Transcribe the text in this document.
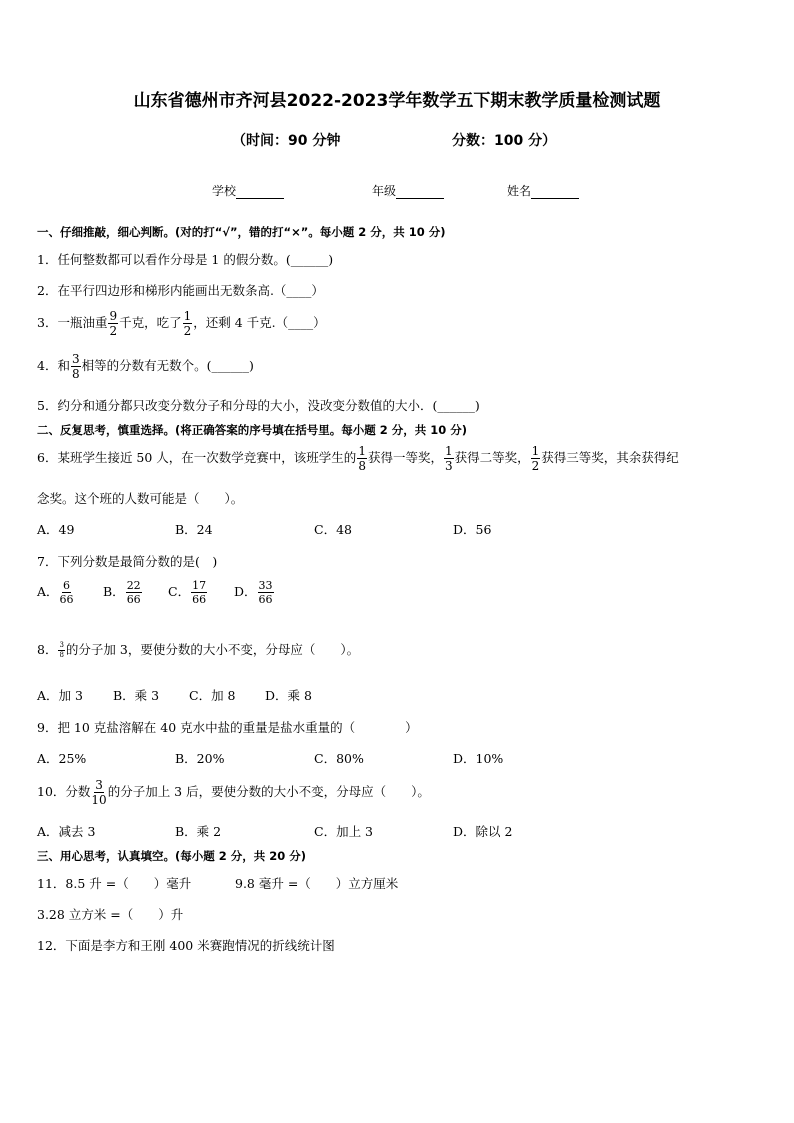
山东省德州市齐河县2022-2023学年数学五下期末教学质量检测试题
（时间：90 分钟	分数：100 分）
学校	年级	姓名
一、仔细推敲，细心判断。(对的打“√”，错的打“×”。每小题 2 分，共 10 分)
1．任何整数都可以看作分母是 1 的假分数。(______)
2．在平行四边形和梯形内能画出无数条高.（____）
3．一瓶油重 $\frac{9}{2}$ 千克，吃了 $\frac{1}{2}$ ，还剩 4 千克.（____）
4．和 $\frac{3}{8}$ 相等的分数有无数个。(______)
5．约分和通分都只改变分数分子和分母的大小，没改变分数值的大小．(______)
二、反复思考，慎重选择。(将正确答案的序号填在括号里。每小题 2 分，共 10 分)
6．某班学生接近 50 人，在一次数学竞赛中，该班学生的 $\frac{1}{8}$ 获得一等奖， $\frac{1}{3}$ 获得二等奖， $\frac{1}{2}$ 获得三等奖，其余获得纪
念奖。这个班的人数可能是（　　）。
A．49	B．24	C．48	D．56
7．下列分数是最简分数的是(　)
A． $\frac{6}{66}$ B． $\frac{22}{66}$ C． $\frac{17}{66}$ D． $\frac{33}{66}$
8． $\frac{3}{8}$ 的分子加 3，要使分数的大小不变，分母应（　　）。
A．加 3 B．乘 3 C．加 8 D．乘 8
9．把 10 克盐溶解在 40 克水中盐的重量是盐水重量的（　　　　）
A．25%	B．20%	C．80%	D．10%
10．分数 $\frac{3}{10}$ 的分子加上 3 后，要使分数的大小不变，分母应（　　）。
A．减去 3	B．乘 2	C．加上 3	D．除以 2
三、用心思考，认真填空。(每小题 2 分，共 20 分)
11．8.5 升 =（　　）毫升	9.8 毫升 =（　　）立方厘米
3.28 立方米 =（　　）升
12．下面是李方和王刚 400 米赛跑情况的折线统计图
